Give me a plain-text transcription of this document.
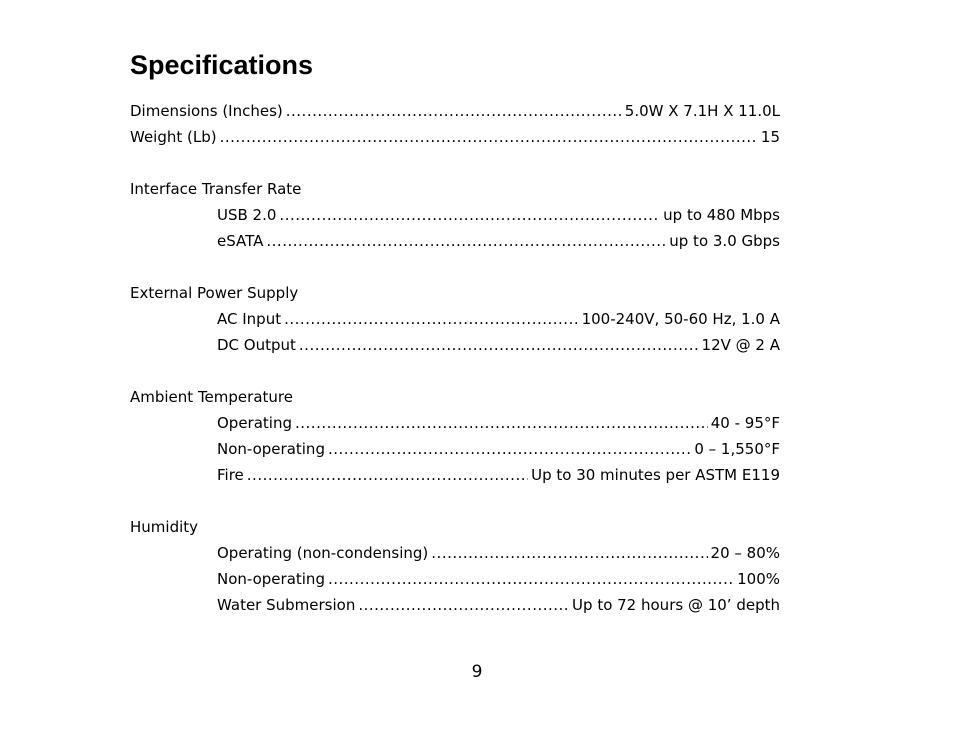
Specifications
Dimensions (Inches) .....	5.0W X 7.1H X 11.0L
Weight (Lb) .....	15
Interface Transfer Rate
USB 2.0 .....	up to 480 Mbps
eSATA .....	up to 3.0 Gbps
External Power Supply
AC Input .....	100-240V, 50-60 Hz, 1.0 A
DC Output .....	12V @ 2 A
Ambient Temperature
Operating .....	40 - 95°F
Non-operating .....	0 – 1,550°F
Fire .....	Up to 30 minutes per ASTM E119
Humidity
Operating (non-condensing) .....	20 – 80%
Non-operating .....	100%
Water Submersion .....	Up to 72 hours @ 10’ depth
9
